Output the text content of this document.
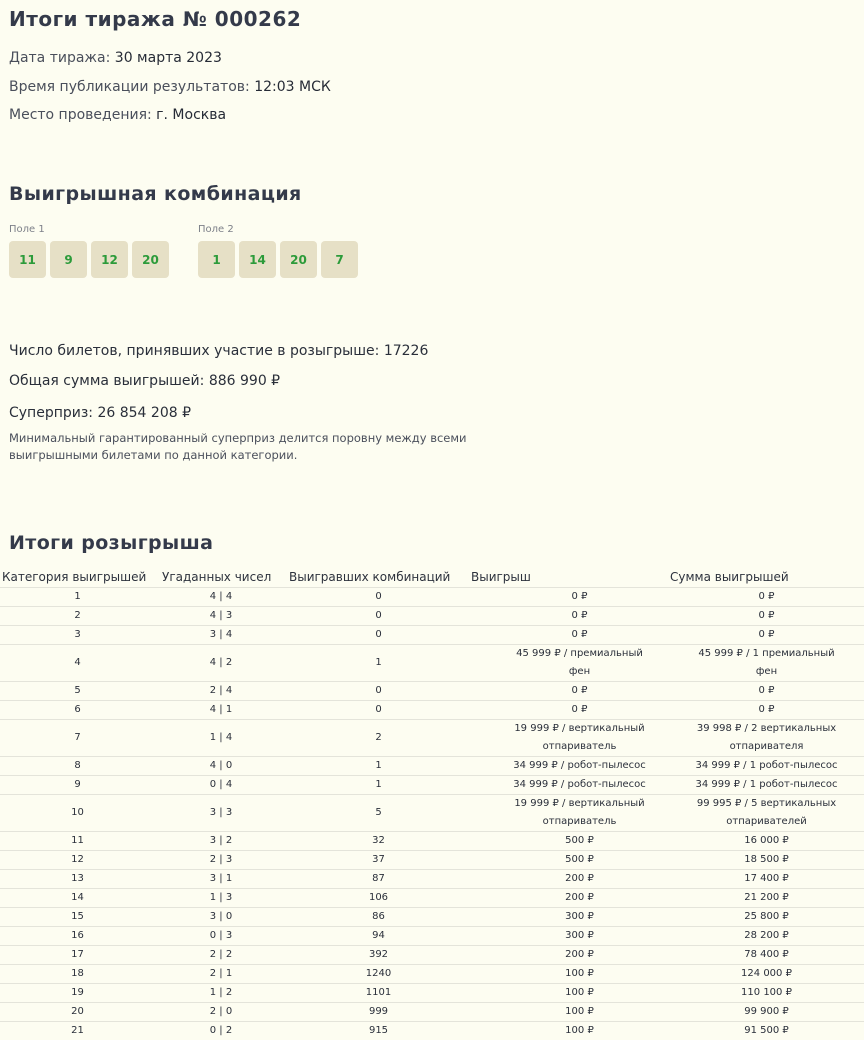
Итоги тиража № 000262
Дата тиража: 30 марта 2023
Время публикации результатов: 12:03 МСК
Место проведения: г. Москва
Выигрышная комбинация
Поле 1
11	9	12	20
Поле 2
1	14	20	7
Число билетов, принявших участие в розыгрыше: 17226
Общая сумма выигрышей: 886 990 ₽
Суперприз: 26 854 208 ₽
Минимальный гарантированный суперприз делится поровну между всеми выигрышными билетами по данной категории.
Итоги розыгрыша
Категория выигрышей	Угаданных чисел	Выигравших комбинаций	Выигрыш	Сумма выигрышей
1	4 | 4	0	0 ₽	0 ₽
2	4 | 3	0	0 ₽	0 ₽
3	3 | 4	0	0 ₽	0 ₽
4	4 | 2	1	45 999 ₽ / премиальный фен	45 999 ₽ / 1 премиальный фен
5	2 | 4	0	0 ₽	0 ₽
6	4 | 1	0	0 ₽	0 ₽
7	1 | 4	2	19 999 ₽ / вертикальный отпариватель	39 998 ₽ / 2 вертикальных отпаривателя
8	4 | 0	1	34 999 ₽ / робот-пылесос	34 999 ₽ / 1 робот-пылесос
9	0 | 4	1	34 999 ₽ / робот-пылесос	34 999 ₽ / 1 робот-пылесос
10	3 | 3	5	19 999 ₽ / вертикальный отпариватель	99 995 ₽ / 5 вертикальных отпаривателей
11	3 | 2	32	500 ₽	16 000 ₽
12	2 | 3	37	500 ₽	18 500 ₽
13	3 | 1	87	200 ₽	17 400 ₽
14	1 | 3	106	200 ₽	21 200 ₽
15	3 | 0	86	300 ₽	25 800 ₽
16	0 | 3	94	300 ₽	28 200 ₽
17	2 | 2	392	200 ₽	78 400 ₽
18	2 | 1	1240	100 ₽	124 000 ₽
19	1 | 2	1101	100 ₽	110 100 ₽
20	2 | 0	999	100 ₽	99 900 ₽
21	0 | 2	915	100 ₽	91 500 ₽
